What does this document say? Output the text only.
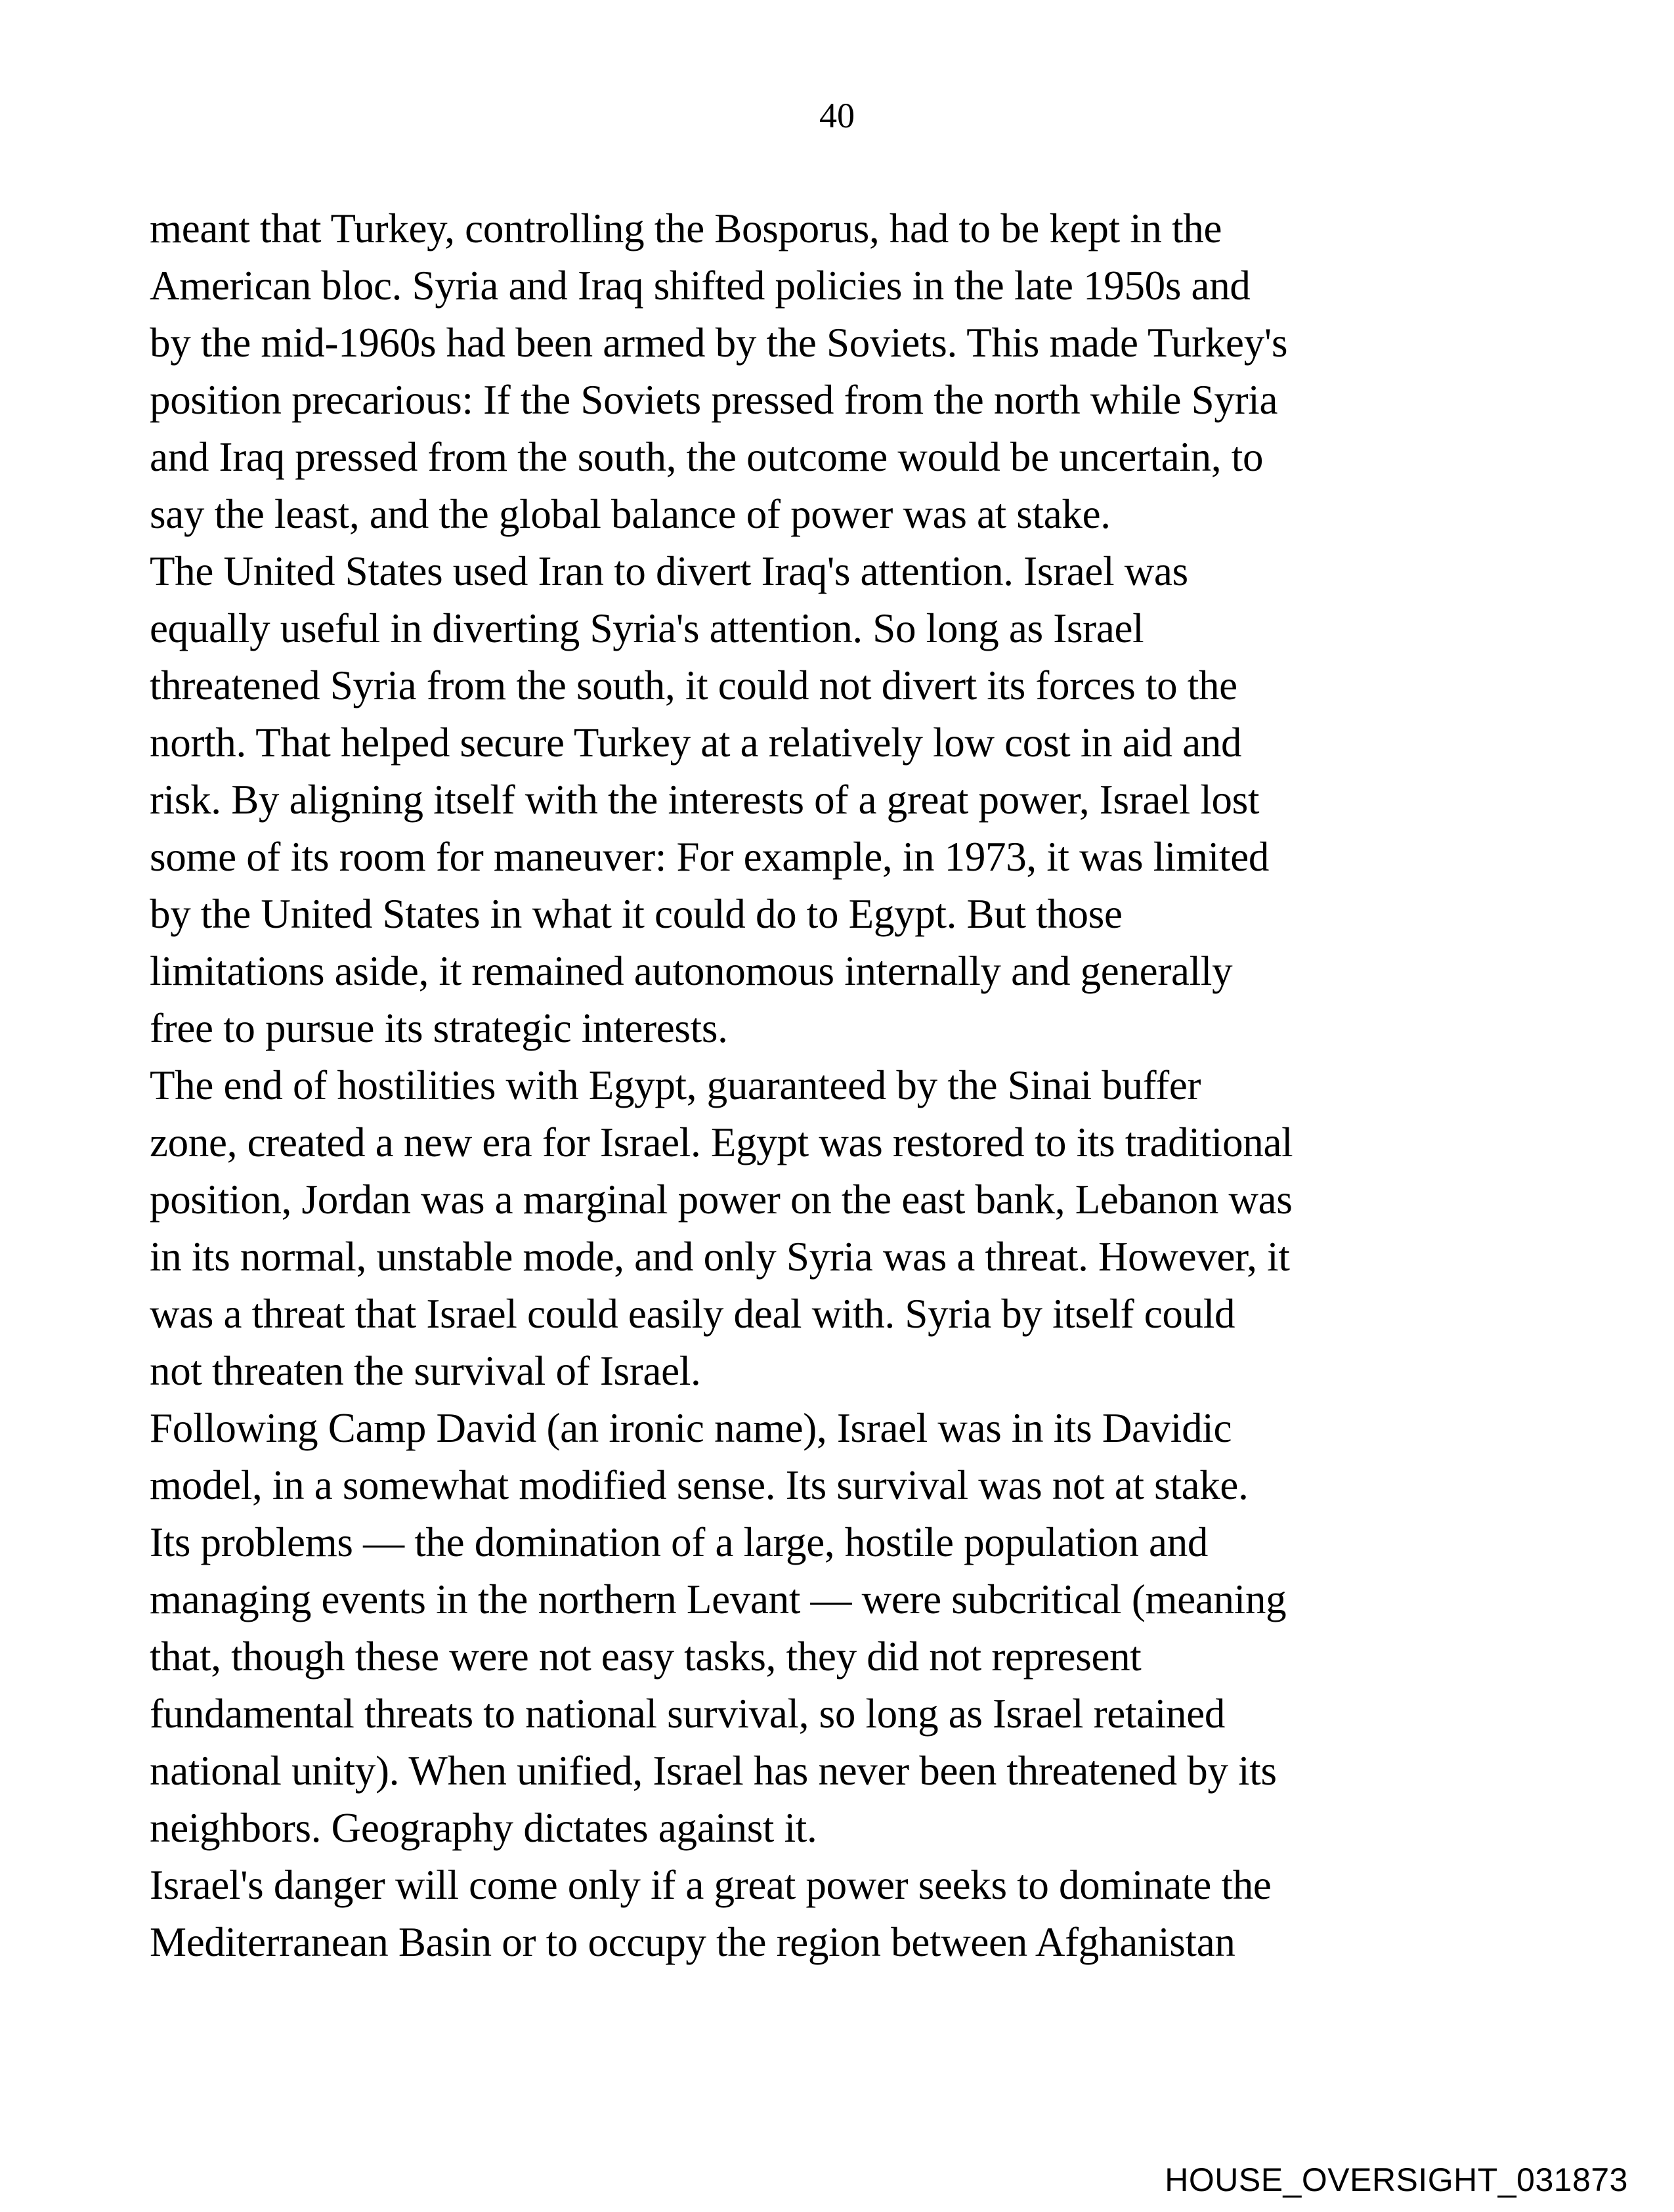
40
meant that Turkey, controlling the Bosporus, had to be kept in the
American bloc. Syria and Iraq shifted policies in the late 1950s and
by the mid-1960s had been armed by the Soviets. This made Turkey's
position precarious: If the Soviets pressed from the north while Syria
and Iraq pressed from the south, the outcome would be uncertain, to
say the least, and the global balance of power was at stake.
The United States used Iran to divert Iraq's attention. Israel was
equally useful in diverting Syria's attention. So long as Israel
threatened Syria from the south, it could not divert its forces to the
north. That helped secure Turkey at a relatively low cost in aid and
risk. By aligning itself with the interests of a great power, Israel lost
some of its room for maneuver: For example, in 1973, it was limited
by the United States in what it could do to Egypt. But those
limitations aside, it remained autonomous internally and generally
free to pursue its strategic interests.
The end of hostilities with Egypt, guaranteed by the Sinai buffer
zone, created a new era for Israel. Egypt was restored to its traditional
position, Jordan was a marginal power on the east bank, Lebanon was
in its normal, unstable mode, and only Syria was a threat. However, it
was a threat that Israel could easily deal with. Syria by itself could
not threaten the survival of Israel.
Following Camp David (an ironic name), Israel was in its Davidic
model, in a somewhat modified sense. Its survival was not at stake.
Its problems — the domination of a large, hostile population and
managing events in the northern Levant — were subcritical (meaning
that, though these were not easy tasks, they did not represent
fundamental threats to national survival, so long as Israel retained
national unity). When unified, Israel has never been threatened by its
neighbors. Geography dictates against it.
Israel's danger will come only if a great power seeks to dominate the
Mediterranean Basin or to occupy the region between Afghanistan
HOUSE_OVERSIGHT_031873
